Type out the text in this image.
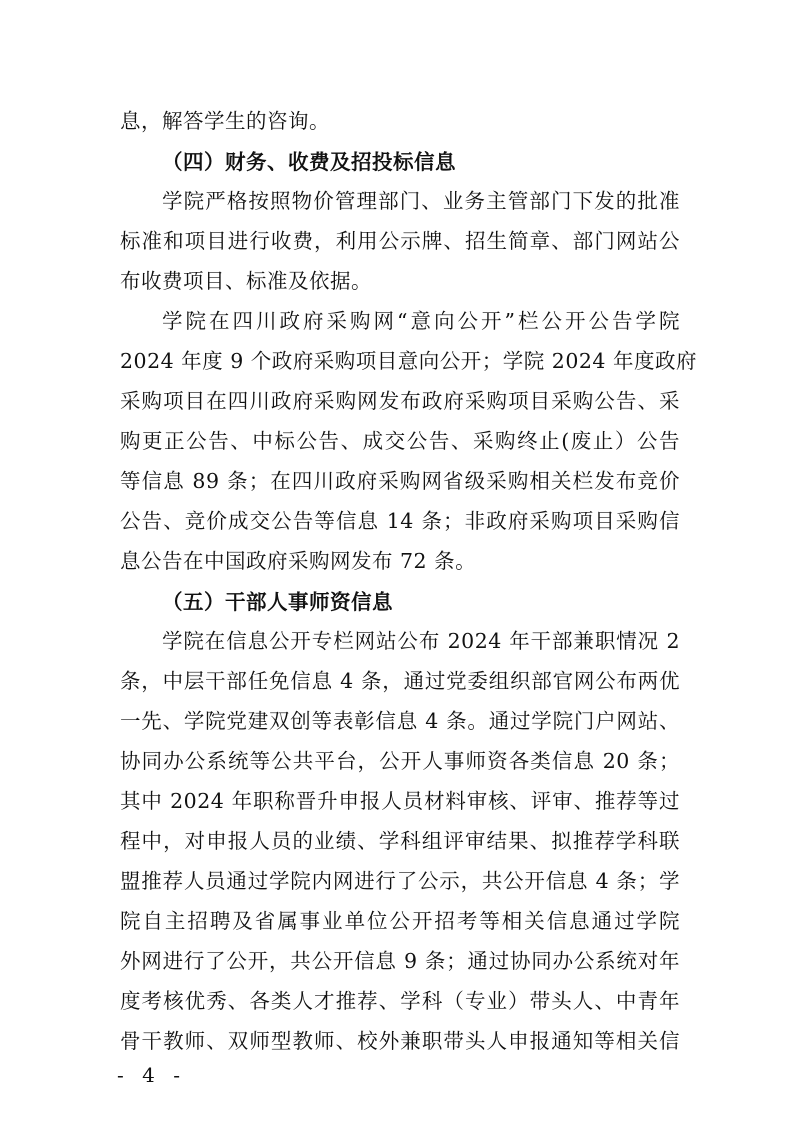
息，解答学生的咨询。
（四）财务、收费及招投标信息
学院严格按照物价管理部门、业务主管部门下发的批准
标准和项目进行收费，利用公示牌、招生简章、部门网站公
布收费项目、标准及依据。
学院在四川政府采购网“意向公开”栏公开公告学院
2024 年度 9 个政府采购项目意向公开；学院 2024 年度政府
采购项目在四川政府采购网发布政府采购项目采购公告、采
购更正公告、中标公告、成交公告、采购终止(废止）公告
等信息 89 条；在四川政府采购网省级采购相关栏发布竞价
公告、竞价成交公告等信息 14 条；非政府采购项目采购信
息公告在中国政府采购网发布 72 条。
（五）干部人事师资信息
学院在信息公开专栏网站公布 2024 年干部兼职情况 2
条，中层干部任免信息 4 条，通过党委组织部官网公布两优
一先、学院党建双创等表彰信息 4 条。通过学院门户网站、
协同办公系统等公共平台，公开人事师资各类信息 20 条；
其中 2024 年职称晋升申报人员材料审核、评审、推荐等过
程中，对申报人员的业绩、学科组评审结果、拟推荐学科联
盟推荐人员通过学院内网进行了公示，共公开信息 4 条；学
院自主招聘及省属事业单位公开招考等相关信息通过学院
外网进行了公开，共公开信息 9 条；通过协同办公系统对年
度考核优秀、各类人才推荐、学科（专业）带头人、中青年
骨干教师、双师型教师、校外兼职带头人申报通知等相关信
- 4 -
